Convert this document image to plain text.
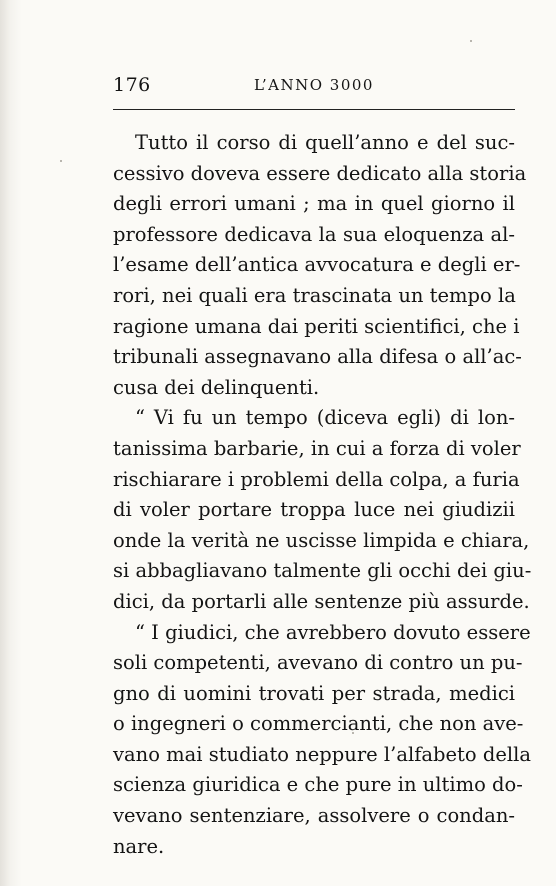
176	L’ANNO 3000
Tutto il corso di quell’anno e del suc-
cessivo doveva essere dedicato alla storia
degli errori umani ; ma in quel giorno il
professore dedicava la sua eloquenza al-
l’esame dell’antica avvocatura e degli er-
rori, nei quali era trascinata un tempo la
ragione umana dai periti scientifici, che i
tribunali assegnavano alla difesa o all’ac-
cusa dei delinquenti.
“ Vi fu un tempo (diceva egli) di lon-
tanissima barbarie, in cui a forza di voler
rischiarare i problemi della colpa, a furia
di voler portare troppa luce nei giudizii
onde la verità ne uscisse limpida e chiara,
si abbagliavano talmente gli occhi dei giu-
dici, da portarli alle sentenze più assurde.
“ I giudici, che avrebbero dovuto essere
soli competenti, avevano di contro un pu-
gno di uomini trovati per strada, medici
o ingegneri o commercianti, che non ave-
vano mai studiato neppure l’alfabeto della
scienza giuridica e che pure in ultimo do-
vevano sentenziare, assolvere o condan-
nare.
